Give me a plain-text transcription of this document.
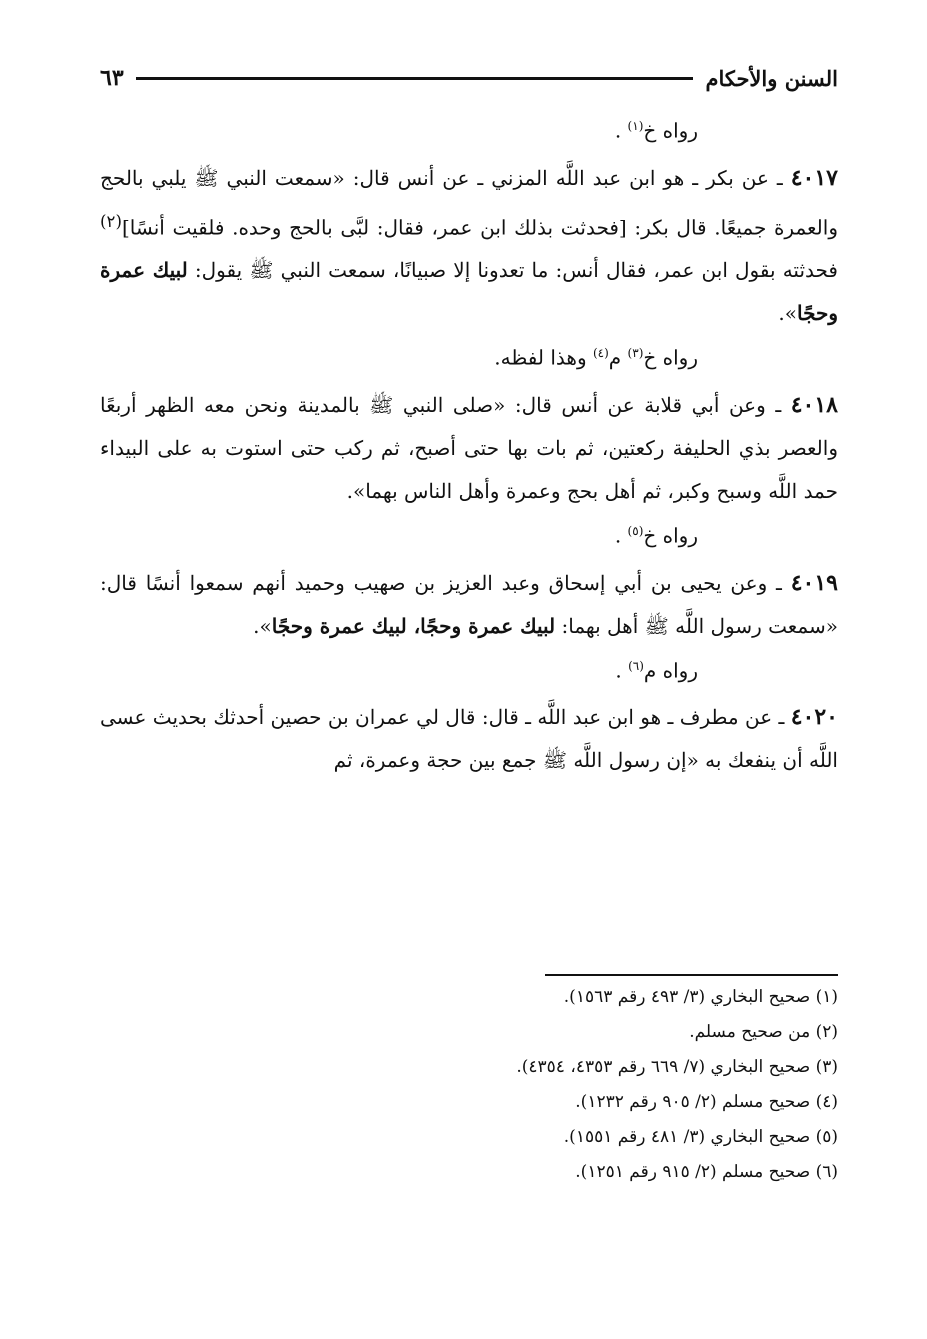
السنن والأحكام
٦٣

رواه خ$^{(١)}$ .

٤٠١٧ ـ عن بكر ـ هو ابن عبد اللَّه المزني ـ عن أنس قال: «سمعت النبي ﷺ يلبي بالحج والعمرة جميعًا. قال بكر: [فحدثت بذلك ابن عمر، فقال: لبَّى بالحج وحده. فلقيت أنسًا]$^{(٢)}$ فحدثته بقول ابن عمر، فقال أنس: ما تعدونا إلا صبيانًا، سمعت النبي ﷺ يقول: لبيك عمرة وحجًا».

رواه خ$^{(٣)}$ م$^{(٤)}$ وهذا لفظه.

٤٠١٨ ـ وعن أبي قلابة عن أنس قال: «صلى النبي ﷺ بالمدينة ونحن معه الظهر أربعًا والعصر بذي الحليفة ركعتين، ثم بات بها حتى أصبح، ثم ركب حتى استوت به على البيداء حمد اللَّه وسبح وكبر، ثم أهل بحج وعمرة وأهل الناس بهما».

رواه خ$^{(٥)}$ .

٤٠١٩ ـ وعن يحيى بن أبي إسحاق وعبد العزيز بن صهيب وحميد أنهم سمعوا أنسًا قال: «سمعت رسول اللَّه ﷺ أهل بهما: لبيك عمرة وحجًا، لبيك عمرة وحجًا».

رواه م$^{(٦)}$ .

٤٠٢٠ ـ عن مطرف ـ هو ابن عبد اللَّه ـ قال: قال لي عمران بن حصين أحدثك بحديث عسى اللَّه أن ينفعك به «إن رسول اللَّه ﷺ جمع بين حجة وعمرة، ثم

(١) صحيح البخاري (٣/ ٤٩٣ رقم ١٥٦٣).
(٢) من صحيح مسلم.
(٣) صحيح البخاري (٧/ ٦٦٩ رقم ٤٣٥٣، ٤٣٥٤).
(٤) صحيح مسلم (٢/ ٩٠٥ رقم ١٢٣٢).
(٥) صحيح البخاري (٣/ ٤٨١ رقم ١٥٥١).
(٦) صحيح مسلم (٢/ ٩١٥ رقم ١٢٥١).
